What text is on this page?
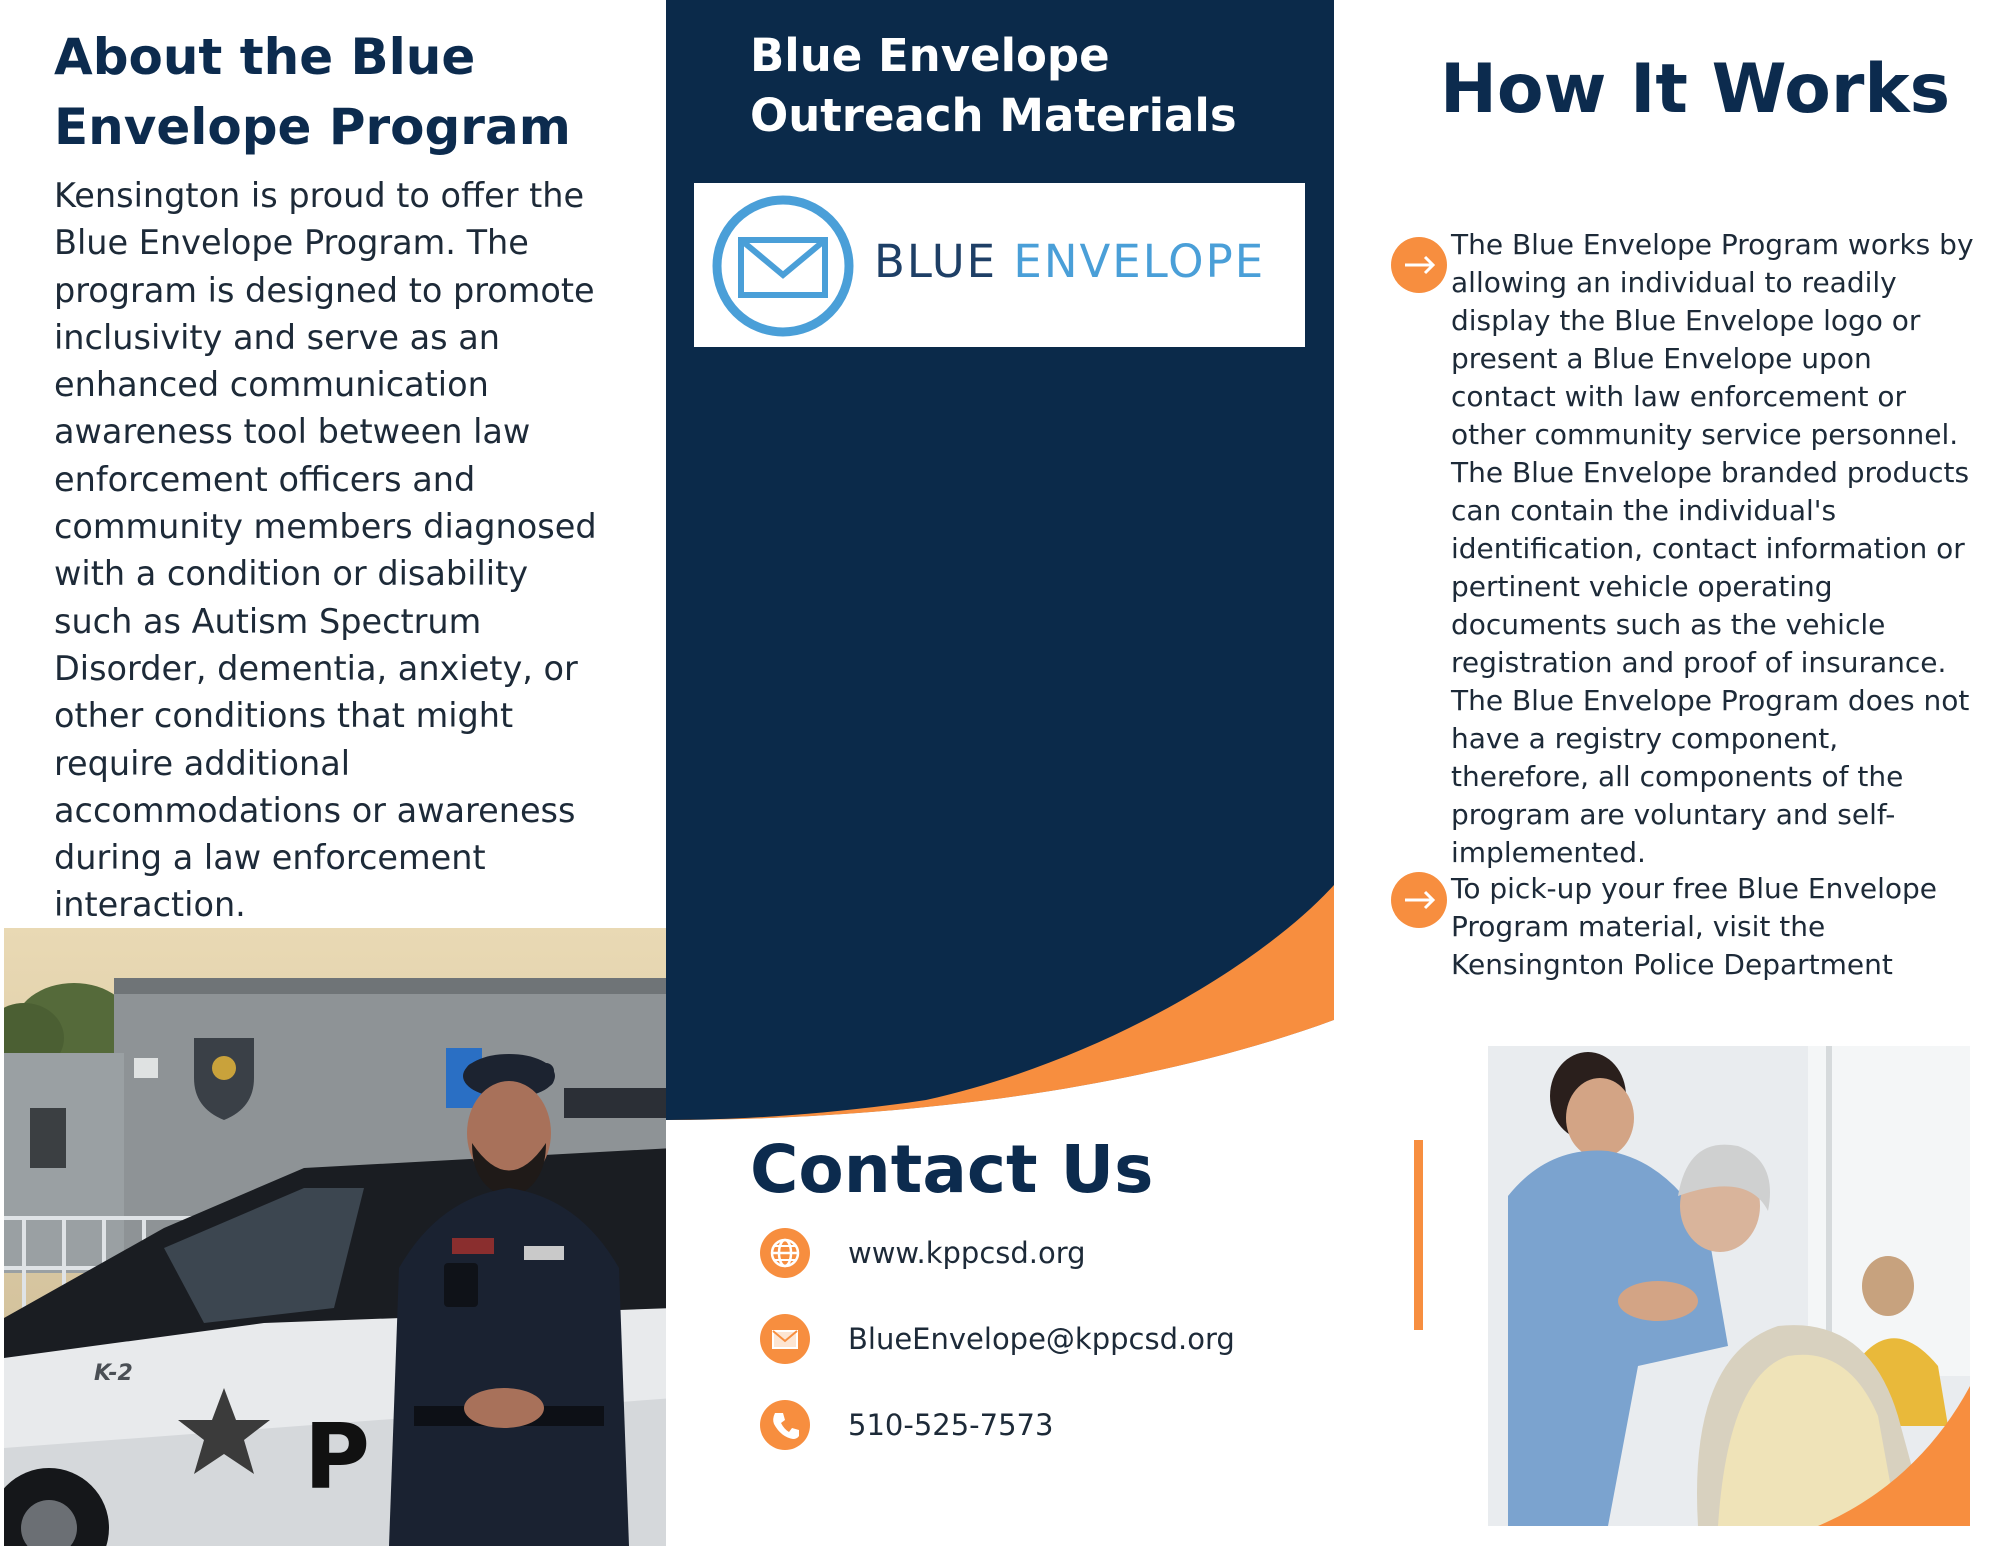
About the Blue Envelope Program

Kensington is proud to offer the Blue Envelope Program. The program is designed to promote inclusivity and serve as an enhanced communication awareness tool between law enforcement officers and community members diagnosed with a condition or disability such as Autism Spectrum Disorder, dementia, anxiety, or other conditions that might require additional accommodations or awareness during a law enforcement interaction.

K-2
P
Blue Envelope Outreach Materials
BLUE ENVELOPE
Contact Us
www.kppcsd.org
BlueEnvelope@kppcsd.org
510-525-7573
How It Works

The Blue Envelope Program works by allowing an individual to readily display the Blue Envelope logo or present a Blue Envelope upon contact with law enforcement or other community service personnel. The Blue Envelope branded products can contain the individual's identification, contact information or pertinent vehicle operating documents such as the vehicle registration and proof of insurance. The Blue Envelope Program does not have a registry component, therefore, all components of the program are voluntary and self-implemented.

To pick-up your free Blue Envelope Program material, visit the Kensingnton Police Department
